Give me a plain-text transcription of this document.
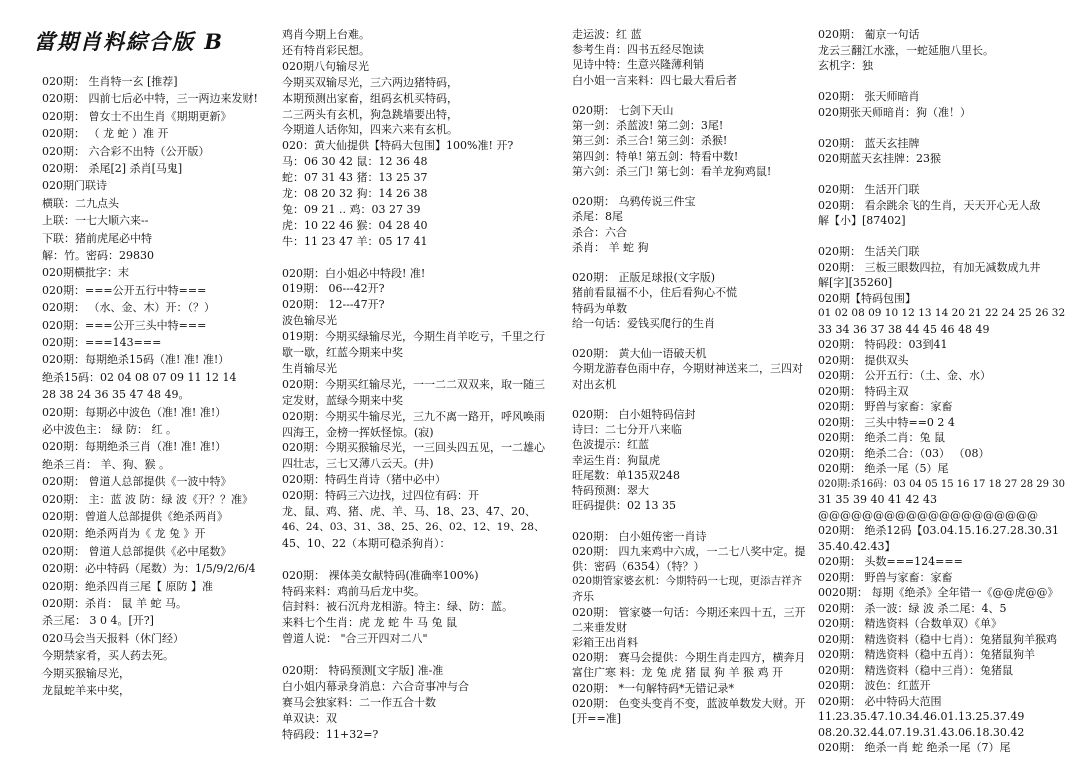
當期肖料綜合版 B
020期： 生肖特一玄 [推荐]
020期： 四前七后必中特，三一两边来发财!
020期： 曾女士不出生肖《期期更新》
020期： （ 龙 蛇 ）准 开
020期： 六合彩不出特（公开版）
020期： 杀尾[2] 杀肖[马鬼]
020期门联诗
横联：二九点头
上联：一七大顺六来--
下联：猪前虎尾必中特
解：竹。密码：29830
020期横批字：末
020期：===公开五行中特===
020期： （水、金、木）开：（？）
020期：===公开三头中特===
020期：===143===
020期：每期绝杀15码（准! 准! 准!）
绝杀15码：02 04 08 07 09 11 12 14
28 38 24 36 35 47 48 49。
020期：每期必中波色（准! 准! 准!）
必中波色主： 绿 防： 红 。
020期：每期绝杀三肖（准! 准! 准!）
绝杀三肖： 羊、狗、猴 。
020期： 曾道人总部提供《一波中特》
020期： 主：蓝 波 防：绿 波《开？？准》
020期：曾道人总部提供《绝杀两肖》
020期：绝杀两肖为《 龙 兔 》开
020期： 曾道人总部提供《必中尾数》
020期：必中特码（尾数）为：1/5/9/2/6/4
020期：绝杀四肖三尾【 原防 】准
020期：杀肖： 鼠 羊 蛇 马。
杀三尾： 3 0 4。[开?]
020马会当天报料（休门经）
今期禁家肴，买人药去死。
今期买猴输尽光，
龙鼠蛇羊来中奖，
鸡肖今期上台难。
还有特肖彩民想。
020期八句输尽光
今期买双输尽光，三六两边猪特码，
本期预测出家畜，组码玄机买特码，
二三两头有玄机，狗急跳墙要出特，
今期道人话你知，四来六来有玄机。
020：黄大仙提供【特码大包围】100%准! 开?
马：06 30 42 鼠：12 36 48
蛇：07 31 43 猪：13 25 37
龙：08 20 32 狗：14 26 38
兔：09 21 .. 鸡：03 27 39
虎：10 22 46 猴：04 28 40
牛：11 23 47 羊：05 17 41
020期：白小姐必中特段! 准!
019期： 06---42开?
020期： 12---47开?
波色输尽光
019期：今期买绿输尽光，今期生肖羊吃亏，千里之行
歇一歇，红蓝今期来中奖
生肖输尽光
020期：今期买红输尽光，一一二二双双来，取一随三
定发财，蓝绿今期来中奖
020期：今期买牛输尽光，三九不离一路开，呼风唤雨
四海王，金榜一挥妖怪惊。(寂)
020期：今期买猴输尽光，一三回头四五见，一二雄心
四壮志，三七又薄八云天。(井)
020期：特码生肖诗（猪中必中）
020期：特码三六边找，过四位有码：开
龙、鼠、鸡、猪、虎、羊、马、18、23、47、20、
46、24、03、31、38、25、26、02、12、19、28、
45、10、22（本期可稳杀狗肖）：
020期： 裸体美女献特码(准确率100%)
特码来料：鸡前马后龙中奖。
信封料：被石沉舟龙相游。特主：绿、防：蓝。
来料七个生肖：虎 龙 蛇 牛 马 兔 鼠
曾道人说： "合三开四对二八"
020期： 特码预测[文字版] 准-准
白小姐内幕录身消息：六合奇事冲与合
赛马会独家料：二一作五合十数
单双诀：双
特码段：11+32=?
走运波：红 蓝
参考生肖：四书五经尽饱读
见诗中特：生意兴隆薄利销
白小姐一言来料：四七最大看后者
020期： 七剑下天山
第一剑：杀蓝波! 第二剑：3尾!
第三剑：杀三合! 第三剑：杀猴!
第四剑：特单! 第五剑：特看中数!
第六剑：杀三门! 第七剑：看羊龙狗鸡鼠!
020期： 乌鸦传说三件宝
杀尾：8尾
杀合：六合
杀肖： 羊 蛇 狗
020期： 正版足球报(文字版)
猪前看鼠福不小，住后看狗心不慌
特码为单数
给一句话：爱钱买爬行的生肖
020期： 黄大仙一语破天机
今期龙游春色雨中存，今期财神送来二，三四对
对出玄机
020期： 白小姐特码信封
诗曰：二七分开八来临
色波提示：红蓝
幸运生肖：狗鼠虎
旺尾数：单135双248
特码预测：翠大
旺码提供：02 13 35
020期： 白小姐传密一肖诗
020期： 四九来鸡中六成，一二七八奖中定。提
供：密码（6354）（特？）
020期管家婆玄机：今期特码一七现，更添吉祥齐
齐乐
020期： 管家婆一句话：今期还来四十五，三开
二来垂发财
彩箱王出肖料
020期： 赛马会提供：今期生肖走四方，横奔月
富住广寒 料：龙 兔 虎 猪 鼠 狗 羊 猴 鸡 开
020期： *一句解特码*无错记录*
020期： 色变头变肖不变，蓝波单数发大财。开
[开==准]
020期： 葡京一句话
龙云三翻江水涨，一蛇延胞八里长。
玄机字：独
020期： 张天师暗肖
020期张天师暗肖：狗（准！）
020期： 蓝天玄挂牌
020期蓝天玄挂牌：23猴
020期： 生活开门联
020期： 看余跳余飞的生肖，天天开心无人敌
解【小】[87402]
020期： 生活关门联
020期： 三板三眼数四拉，有加无减数成九井
解[字][35260]
020期【特码包围】
01 02 08 09 10 12 13 14 20 21 22 24 25 26 32
33 34 36 37 38 44 45 46 48 49
020期： 特码段：03到41
020期： 提供双头
020期： 公开五行：（土、金、水）
020期： 特码主双
020期： 野兽与家畜：家畜
020期： 三头中特==0 2 4
020期： 绝杀二肖：兔 鼠
020期： 绝杀二合：（03） （08）
020期： 绝杀一尾（5）尾
020期:杀16码：03 04 05 15 16 17 18 27 28 29 30
31 35 39 40 41 42 43
@@@@@@@@@@@@@@@@@@@@
020期： 绝杀12码【03.04.15.16.27.28.30.31
35.40.42.43】
020期： 头数===124===
020期： 野兽与家畜：家畜
0020期： 每期《绝杀》全年错一《@@虎@@》
020期： 杀一波：绿 波 杀二尾：4、5
020期： 精选资料（合数单双）《单》
020期： 精选资料（稳中七肖）：兔猪鼠狗羊猴鸡
020期： 精选资料（稳中五肖）：兔猪鼠狗羊
020期： 精选资料（稳中三肖）：兔猪鼠
020期： 波色：红蓝开
020期： 必中特码大范围
11.23.35.47.10.34.46.01.13.25.37.49
08.20.32.44.07.19.31.43.06.18.30.42
020期： 绝杀一肖 蛇 绝杀一尾（7）尾
